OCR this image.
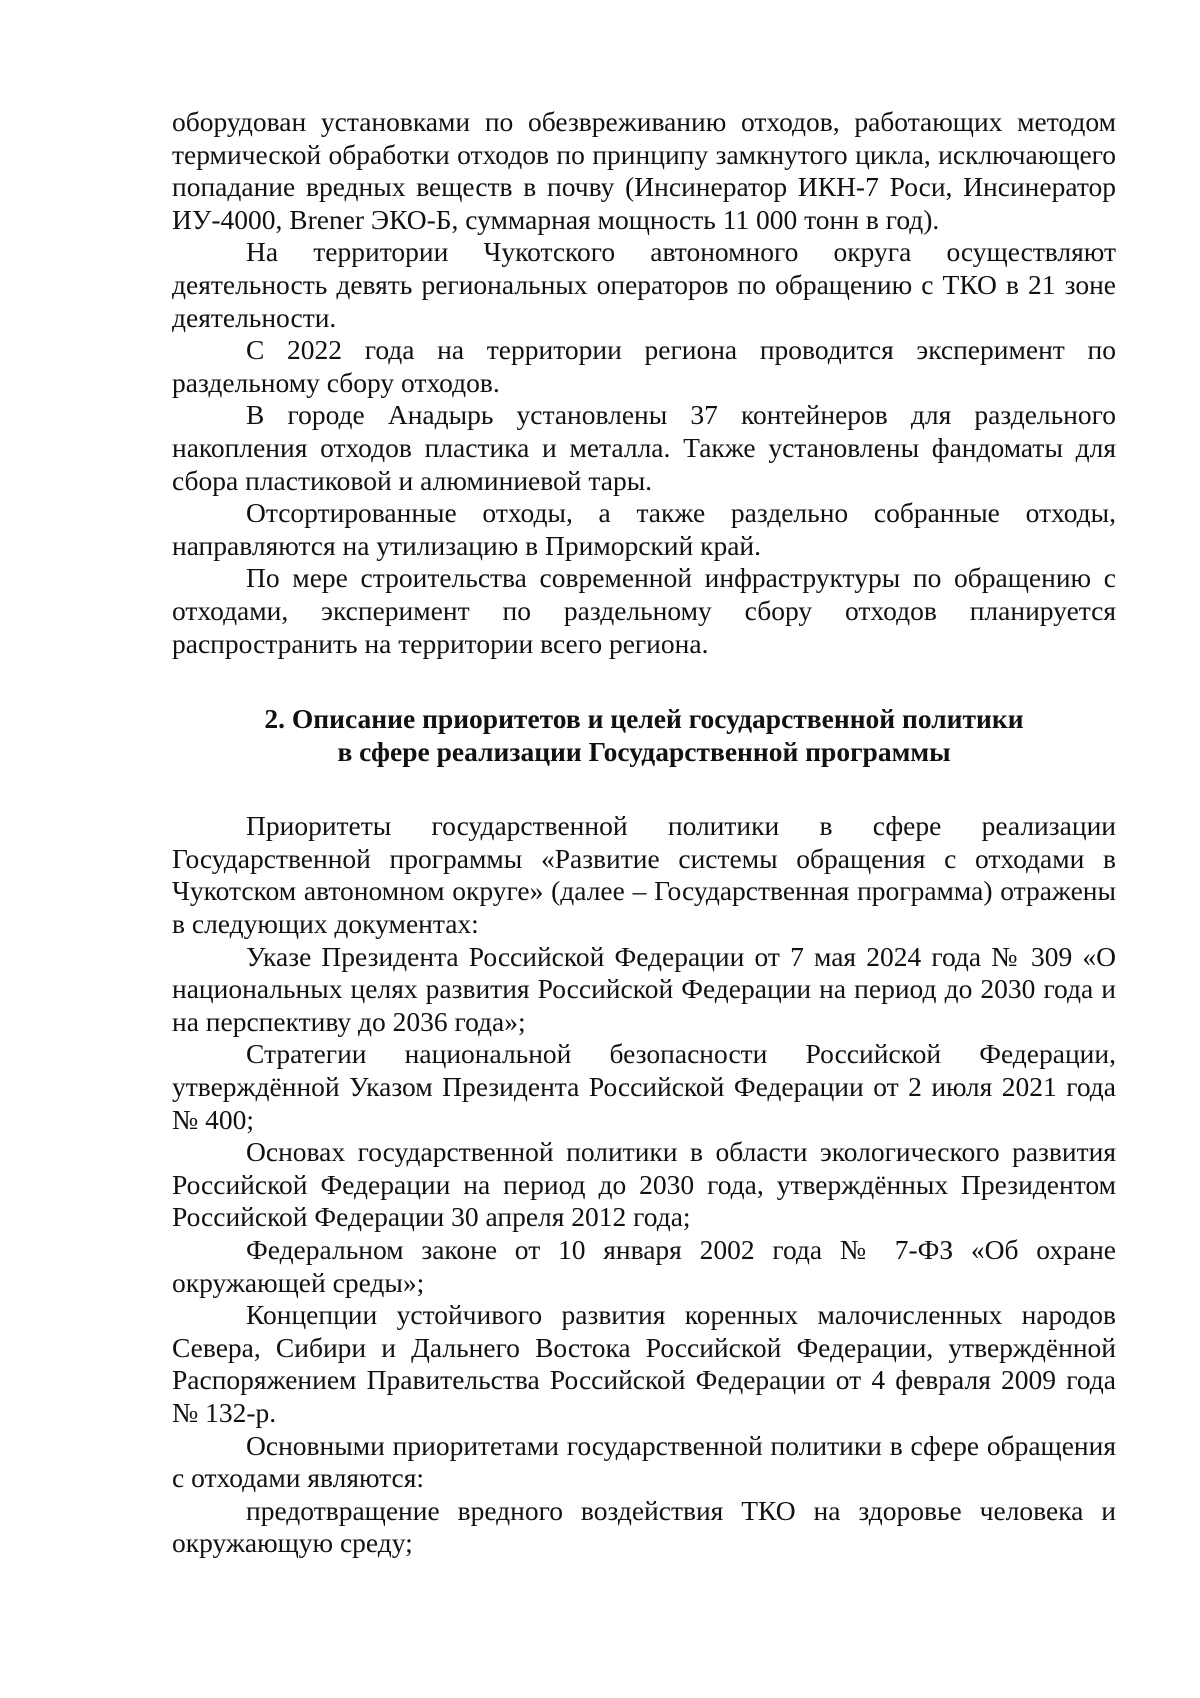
оборудован установками по обезвреживанию отходов, работающих методом термической обработки отходов по принципу замкнутого цикла, исключающего попадание вредных веществ в почву (Инсинератор ИКН-7 Роси, Инсинератор ИУ-4000, Brener ЭКО-Б, суммарная мощность 11 000 тонн в год).

На территории Чукотского автономного округа осуществляют деятельность девять региональных операторов по обращению с ТКО в 21 зоне деятельности.

С 2022 года на территории региона проводится эксперимент по раздельному сбору отходов.

В городе Анадырь установлены 37 контейнеров для раздельного накопления отходов пластика и металла. Также установлены фандоматы для сбора пластиковой и алюминиевой тары.

Отсортированные отходы, а также раздельно собранные отходы, направляются на утилизацию в Приморский край.

По мере строительства современной инфраструктуры по обращению с отходами, эксперимент по раздельному сбору отходов планируется распространить на территории всего региона.

2. Описание приоритетов и целей государственной политики
в сфере реализации Государственной программы

Приоритеты государственной политики в сфере реализации Государственной программы «Развитие системы обращения с отходами в Чукотском автономном округе» (далее – Государственная программа) отражены в следующих документах:

Указе Президента Российской Федерации от 7 мая 2024 года № 309 «О национальных целях развития Российской Федерации на период до 2030 года и на перспективу до 2036 года»;

Стратегии национальной безопасности Российской Федерации, утверждённой Указом Президента Российской Федерации от 2 июля 2021 года № 400;

Основах государственной политики в области экологического развития Российской Федерации на период до 2030 года, утверждённых Президентом Российской Федерации 30 апреля 2012 года;

Федеральном законе от 10 января 2002 года № 7-ФЗ «Об охране окружающей среды»;

Концепции устойчивого развития коренных малочисленных народов Севера, Сибири и Дальнего Востока Российской Федерации, утверждённой Распоряжением Правительства Российской Федерации от 4 февраля 2009 года № 132-р.

Основными приоритетами государственной политики в сфере обращения с отходами являются:

предотвращение вредного воздействия ТКО на здоровье человека и окружающую среду;
